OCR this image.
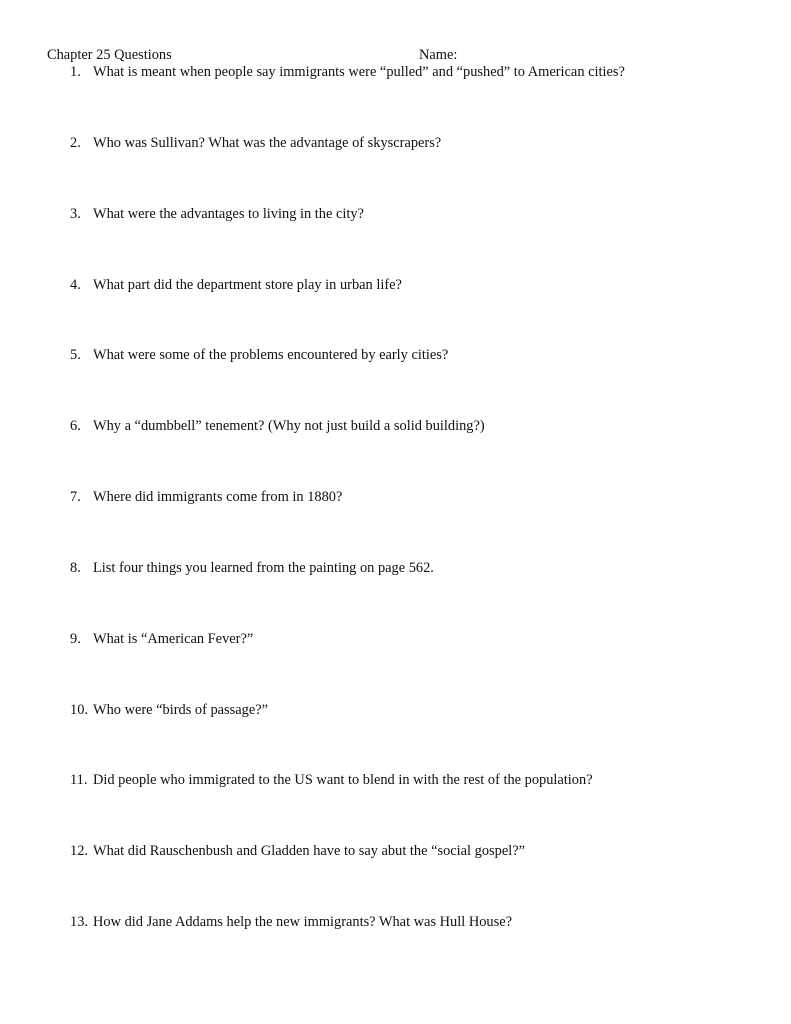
Chapter 25 Questions	Name:
1. What is meant when people say immigrants were “pulled” and “pushed” to American cities?
2. Who was Sullivan? What was the advantage of skyscrapers?
3. What were the advantages to living in the city?
4. What part did the department store play in urban life?
5. What were some of the problems encountered by early cities?
6. Why a “dumbbell” tenement? (Why not just build a solid building?)
7. Where did immigrants come from in 1880?
8. List four things you learned from the painting on page 562.
9. What is “American Fever?”
10. Who were “birds of passage?”
11. Did people who immigrated to the US want to blend in with the rest of the population?
12. What did Rauschenbush and Gladden have to say abut the “social gospel?”
13. How did Jane Addams help the new immigrants? What was Hull House?
